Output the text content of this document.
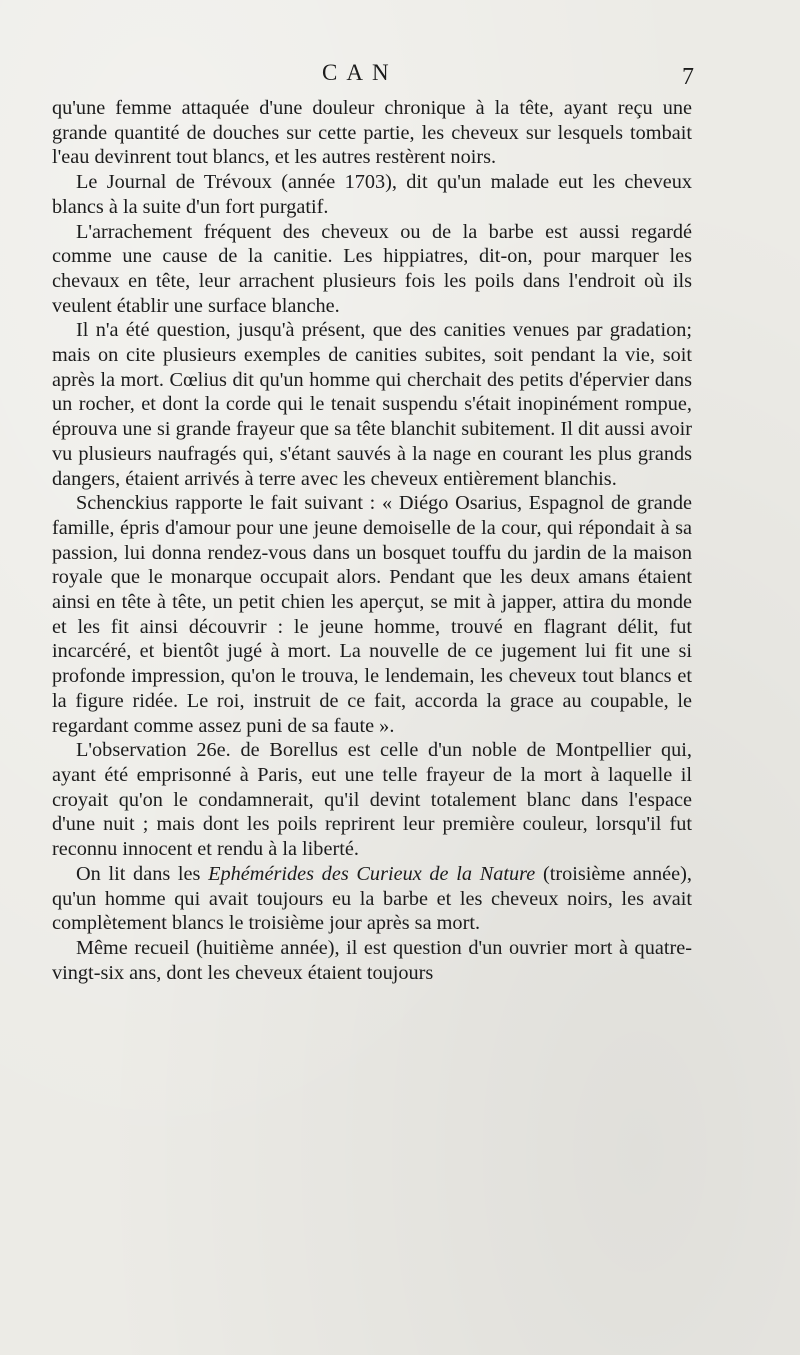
CAN	7

qu'une femme attaquée d'une douleur chronique à la tête, ayant reçu une grande quantité de douches sur cette partie, les cheveux sur lesquels tombait l'eau devinrent tout blancs, et les autres restèrent noirs.

Le Journal de Trévoux (année 1703), dit qu'un malade eut les cheveux blancs à la suite d'un fort purgatif.

L'arrachement fréquent des cheveux ou de la barbe est aussi regardé comme une cause de la canitie. Les hippiatres, dit-on, pour marquer les chevaux en tête, leur arrachent plusieurs fois les poils dans l'endroit où ils veulent établir une surface blanche.

Il n'a été question, jusqu'à présent, que des canities venues par gradation; mais on cite plusieurs exemples de canities subites, soit pendant la vie, soit après la mort. Cœlius dit qu'un homme qui cherchait des petits d'épervier dans un rocher, et dont la corde qui le tenait suspendu s'était inopinément rompue, éprouva une si grande frayeur que sa tête blanchit subitement. Il dit aussi avoir vu plusieurs naufragés qui, s'étant sauvés à la nage en courant les plus grands dangers, étaient arrivés à terre avec les cheveux entièrement blanchis.

Schenckius rapporte le fait suivant : « Diégo Osarius, Espagnol de grande famille, épris d'amour pour une jeune demoiselle de la cour, qui répondait à sa passion, lui donna rendez-vous dans un bosquet touffu du jardin de la maison royale que le monarque occupait alors. Pendant que les deux amans étaient ainsi en tête à tête, un petit chien les aperçut, se mit à japper, attira du monde et les fit ainsi découvrir : le jeune homme, trouvé en flagrant délit, fut incarcéré, et bientôt jugé à mort. La nouvelle de ce jugement lui fit une si profonde impression, qu'on le trouva, le lendemain, les cheveux tout blancs et la figure ridée. Le roi, instruit de ce fait, accorda la grace au coupable, le regardant comme assez puni de sa faute ».

L'observation 26e. de Borellus est celle d'un noble de Montpellier qui, ayant été emprisonné à Paris, eut une telle frayeur de la mort à laquelle il croyait qu'on le condamnerait, qu'il devint totalement blanc dans l'espace d'une nuit ; mais dont les poils reprirent leur première couleur, lorsqu'il fut reconnu innocent et rendu à la liberté.

On lit dans les Ephémérides des Curieux de la Nature (troisième année), qu'un homme qui avait toujours eu la barbe et les cheveux noirs, les avait complètement blancs le troisième jour après sa mort.

Même recueil (huitième année), il est question d'un ouvrier mort à quatre-vingt-six ans, dont les cheveux étaient toujours
